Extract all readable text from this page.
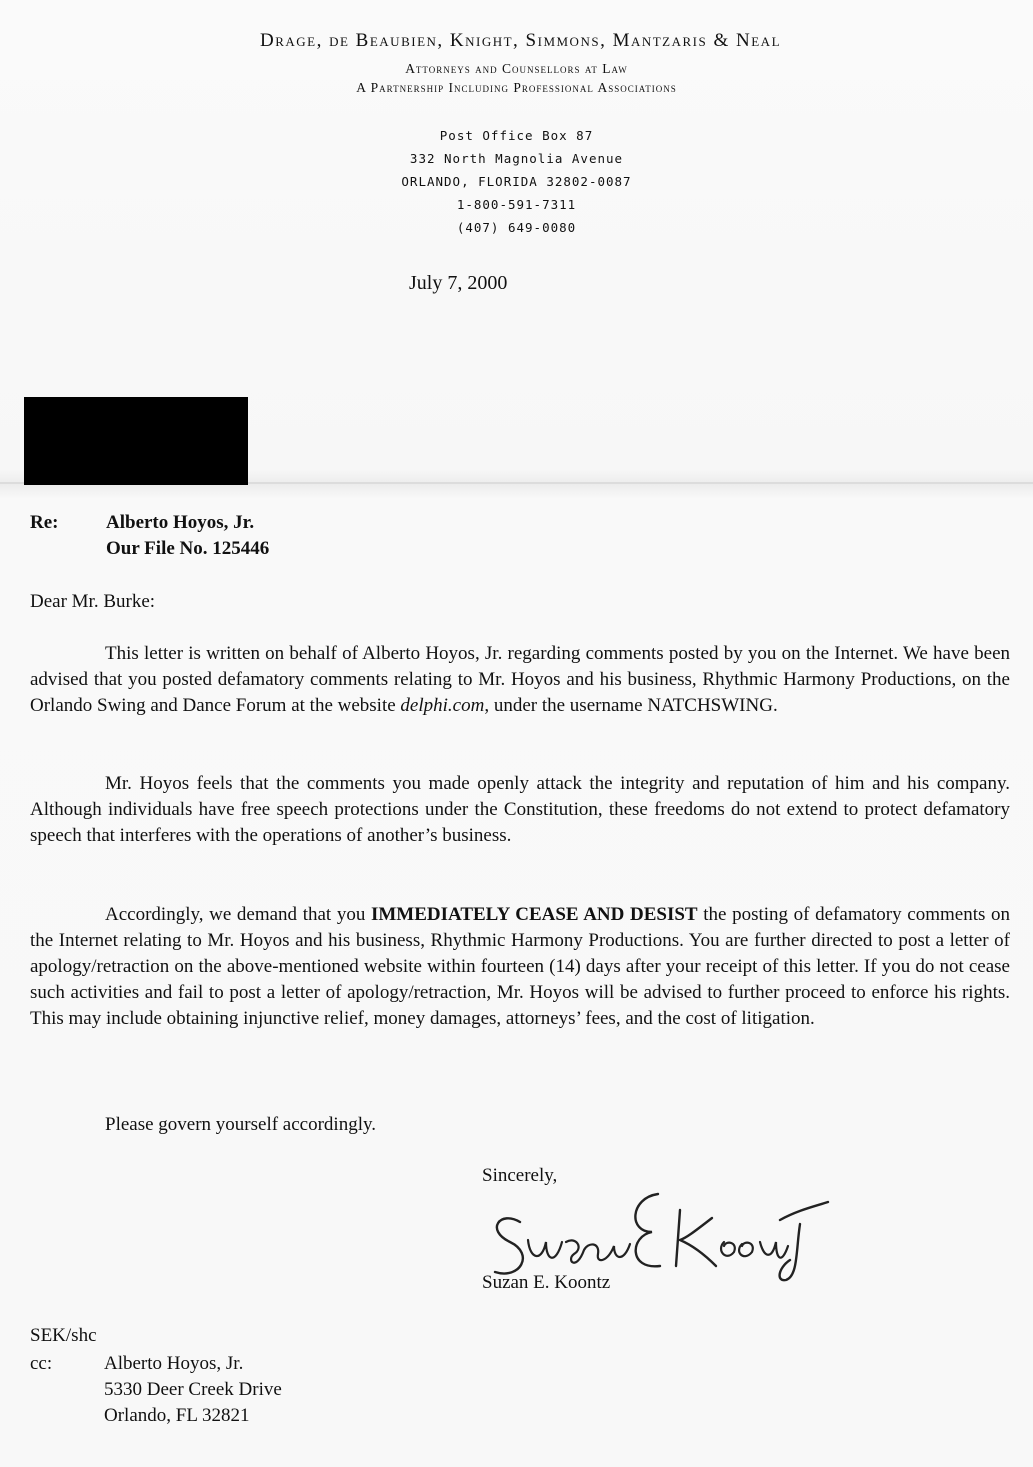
Drage, de Beaubien, Knight, Simmons, Mantzaris & Neal
Attorneys and Counsellors at Law
A Partnership Including Professional Associations
Post Office Box 87
332 North Magnolia Avenue
ORLANDO, FLORIDA 32802-0087
1-800-591-7311
(407) 649-0080
July 7, 2000
Re:	Alberto Hoyos, Jr.
Our File No. 125446
Dear Mr. Burke:

This letter is written on behalf of Alberto Hoyos, Jr. regarding comments posted by you on the Internet. We have been advised that you posted defamatory comments relating to Mr. Hoyos and his business, Rhythmic Harmony Productions, on the Orlando Swing and Dance Forum at the website delphi.com, under the username NATCHSWING.

Mr. Hoyos feels that the comments you made openly attack the integrity and reputation of him and his company. Although individuals have free speech protections under the Constitution, these freedoms do not extend to protect defamatory speech that interferes with the operations of another’s business.

Accordingly, we demand that you IMMEDIATELY CEASE AND DESIST the posting of defamatory comments on the Internet relating to Mr. Hoyos and his business, Rhythmic Harmony Productions. You are further directed to post a letter of apology/retraction on the above-mentioned website within fourteen (14) days after your receipt of this letter. If you do not cease such activities and fail to post a letter of apology/retraction, Mr. Hoyos will be advised to further proceed to enforce his rights. This may include obtaining injunctive relief, money damages, attorneys’ fees, and the cost of litigation.

Please govern yourself accordingly.

Sincerely,
Suzan E. Koontz
SEK/shc
cc:	Alberto Hoyos, Jr.
5330 Deer Creek Drive
Orlando, FL 32821
